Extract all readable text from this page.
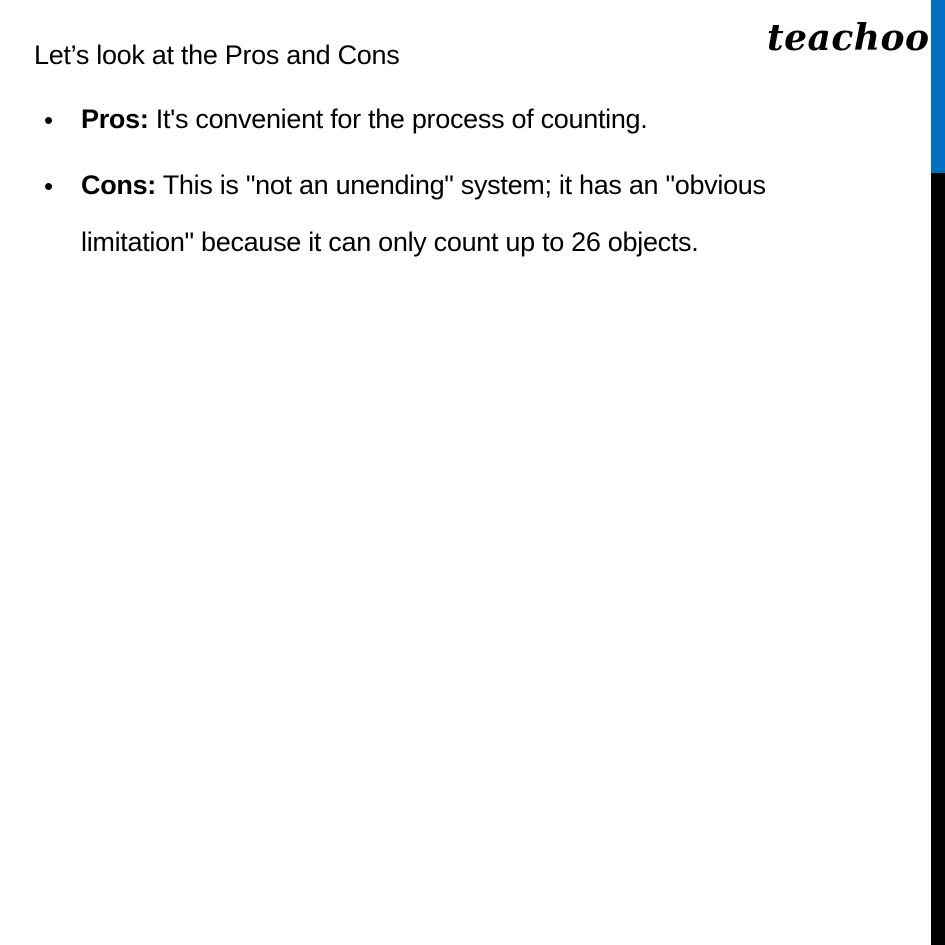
Let’s look at the Pros and Cons	teachoo
• Pros: It's convenient for the process of counting.
• Cons: This is "not an unending" system; it has an "obvious limitation" because it can only count up to 26 objects.
